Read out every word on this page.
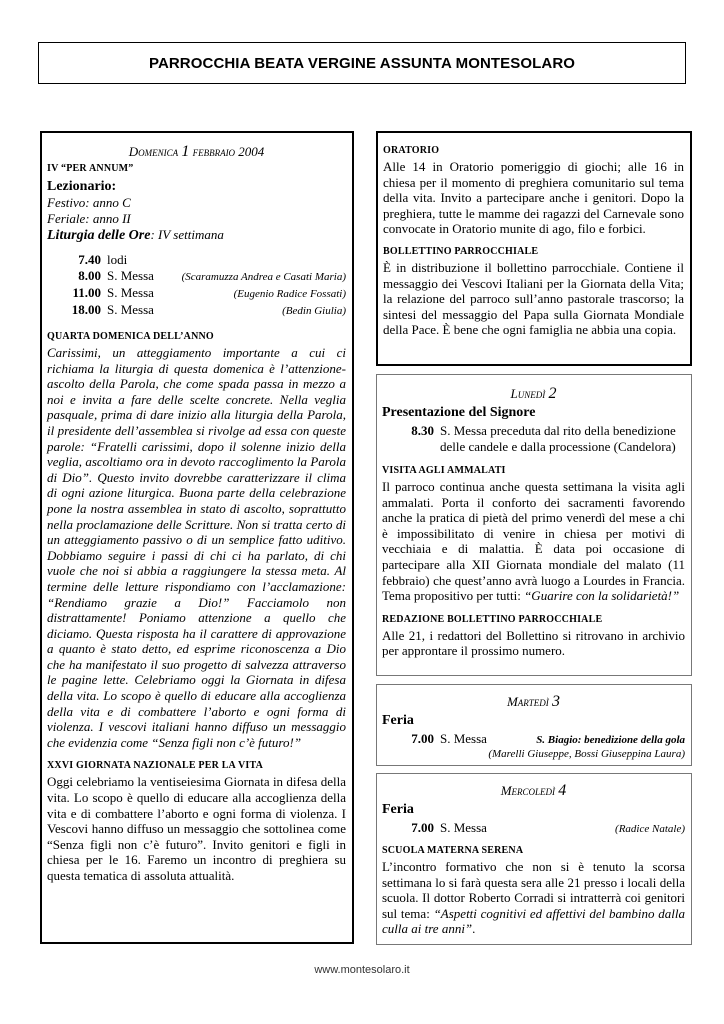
PARROCCHIA BEATA VERGINE ASSUNTA MONTESOLARO
Domenica 1 febbraio 2004
IV “PER ANNUM”

Lezionario:

Festivo: anno C

Feriale: anno II

Liturgia delle Ore: IV settimana

7.40 lodi
8.00 S. Messa	(Scaramuzza Andrea e Casati Maria)
11.00 S. Messa	(Eugenio Radice Fossati)
18.00 S. Messa	(Bedin Giulia)
QUARTA DOMENICA DELL’ANNO

Carissimi, un atteggiamento importante a cui ci richiama la liturgia di questa domenica è l’attenzione-ascolto della Parola, che come spada passa in mezzo a noi e invita a fare delle scelte concrete. Nella veglia pasquale, prima di dare inizio alla liturgia della Parola, il presidente dell’assemblea si rivolge ad essa con queste parole: “Fratelli carissimi, dopo il solenne inizio della veglia, ascoltiamo ora in devoto raccoglimento la Parola di Dio”. Questo invito dovrebbe caratterizzare il clima di ogni azione liturgica. Buona parte della celebrazione pone la nostra assemblea in stato di ascolto, soprattutto nella proclamazione delle Scritture. Non si tratta certo di un atteggiamento passivo o di un semplice fatto uditivo. Dobbiamo seguire i passi di chi ci ha parlato, di chi vuole che noi si abbia a raggiungere la stessa meta. Al termine delle letture rispondiamo con l’acclamazione: “Rendiamo grazie a Dio!” Facciamolo non distrattamente! Poniamo attenzione a quello che diciamo. Questa risposta ha il carattere di approvazione a quanto è stato detto, ed esprime riconoscenza a Dio che ha manifestato il suo progetto di salvezza attraverso le pagine lette. Celebriamo oggi la Giornata in difesa della vita. Lo scopo è quello di educare alla accoglienza della vita e di combattere l’aborto e ogni forma di violenza. I vescovi italiani hanno diffuso un messaggio che evidenzia come “Senza figli non c’è futuro!”

XXVI GIORNATA NAZIONALE PER LA VITA

Oggi celebriamo la ventiseiesima Giornata in difesa della vita. Lo scopo è quello di educare alla accoglienza della vita e di combattere l’aborto e ogni forma di violenza. I Vescovi hanno diffuso un messaggio che sottolinea come “Senza figli non c’è futuro”. Invito genitori e figli in chiesa per le 16. Faremo un incontro di preghiera su questa tematica di assoluta attualità.

ORATORIO

Alle 14 in Oratorio pomeriggio di giochi; alle 16 in chiesa per il momento di preghiera comunitario sul tema della vita. Invito a partecipare anche i genitori. Dopo la preghiera, tutte le mamme dei ragazzi del Carnevale sono convocate in Oratorio munite di ago, filo e forbici.

BOLLETTINO PARROCCHIALE

È in distribuzione il bollettino parrocchiale. Contiene il messaggio dei Vescovi Italiani per la Giornata della Vita; la relazione del parroco sull’anno pastorale trascorso; la sintesi del messaggio del Papa sulla Giornata Mondiale della Pace. È bene che ogni famiglia ne abbia una copia.

Lunedì 2
Presentazione del Signore
8.30 S. Messa preceduta dal rito della benedizione delle candele e dalla processione (Candelora)
VISITA AGLI AMMALATI

Il parroco continua anche questa settimana la visita agli ammalati. Porta il conforto dei sacramenti favorendo anche la pratica di pietà del primo venerdì del mese a chi è impossibilitato di venire in chiesa per motivi di vecchiaia e di malattia. È data poi occasione di partecipare alla XII Giornata mondiale del malato (11 febbraio) che quest’anno avrà luogo a Lourdes in Francia. Tema propositivo per tutti: “Guarire con la solidarietà!”

REDAZIONE BOLLETTINO PARROCCHIALE

Alle 21, i redattori del Bollettino si ritrovano in archivio per approntare il prossimo numero.

Martedì 3
Feria
7.00 S. Messa	S. Biagio: benedizione della gola
(Marelli Giuseppe, Bossi Giuseppina Laura)
Mercoledì 4
Feria
7.00 S. Messa	(Radice Natale)
SCUOLA MATERNA SERENA

L’incontro formativo che non si è tenuto la scorsa settimana lo si farà questa sera alle 21 presso i locali della scuola. Il dottor Roberto Corradi si intratterrà coi genitori sul tema: “Aspetti cognitivi ed affettivi del bambino dalla culla ai tre anni”.

www.montesolaro.it
